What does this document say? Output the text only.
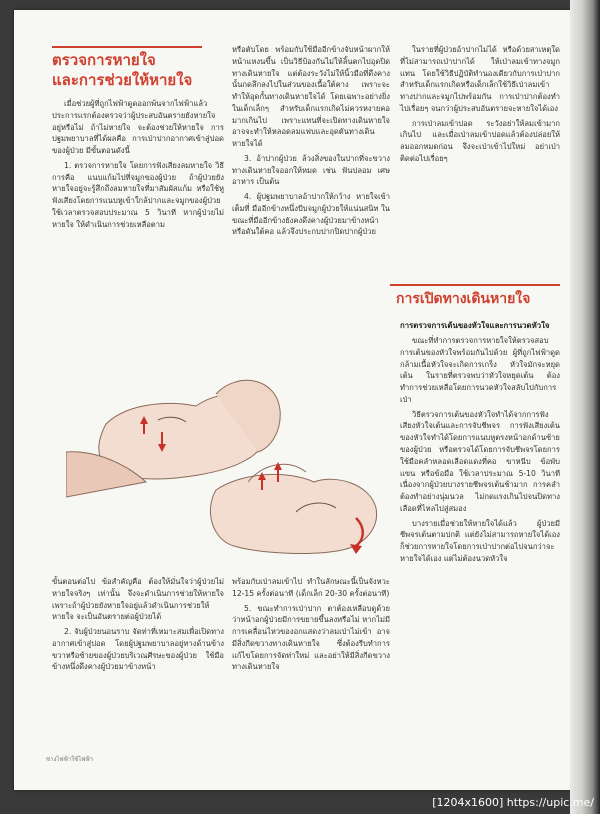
ตรวจการหายใจ
และการช่วยให้หายใจ

เมื่อช่วยผู้ที่ถูกไฟฟ้าดูดออกพ้นจากไฟฟ้าแล้ว ประการแรกต้องตรวจว่าผู้ประสบอันตรายยังหายใจอยู่หรือไม่ ถ้าไม่หายใจ จะต้องช่วยให้หายใจ การปฐมพยาบาลที่ได้ผลคือ การเป่าปากอากาศเข้าสู่ปอดของผู้ป่วย มีขั้นตอนดังนี้

1. ตรวจการหายใจ โดยการฟังเสียงลมหายใจ วิธีการคือ แนบแก้มไปที่จมูกของผู้ป่วย ถ้าผู้ป่วยยังหายใจอยู่จะรู้สึกถึงลมหายใจที่มาสัมผัสแก้ม หรือใช้หูฟังเสียงโดยการแนบหูเข้าใกล้ปากและจมูกของผู้ป่วย ใช้เวลาตรวจสอบประมาณ 5 วินาที หากผู้ป่วยไม่หายใจ ให้ดำเนินการช่วยเหลือตาม

หรือตับโดย พร้อมกับใช้มืออีกข้างจับหน้าผากให้หน้าแหงนขึ้น เป็นวิธีป้องกันไม่ให้ลิ้นตกไปอุดปิดทางเดินหายใจ แต่ต้องระวังไม่ให้นิ้วมือที่ดึงคางนั้นกดลึกลงไปในส่วนของเนื้อใต้คาง เพราะจะทำให้อุดกั้นทางเดินหายใจได้ โดยเฉพาะอย่างยิ่งในเด็กเล็กๆ สำหรับเด็กแรกเกิดไม่ควรหงายคอมากเกินไป เพราะแทนที่จะเปิดทางเดินหายใจ อาจจะทำให้หลอดลมแฟบและอุดตันทางเดินหายใจได้

3. อ้าปากผู้ป่วย ล้วงสิ่งของในปากที่จะขวางทางเดินหายใจออกให้หมด เช่น ฟันปลอม เศษอาหาร เป็นต้น

4. ผู้ปฐมพยาบาลอ้าปากให้กว้าง หายใจเข้าเต็มที่ มืออีกข้างหนึ่งบีบจมูกผู้ป่วยให้แน่นสนิท ในขณะที่มืออีกข้างยังคงดึงคางผู้ป่วยมาข้างหน้าหรือดันใต้คอ แล้วจึงประกบปากปิดปากผู้ป่วย

ในรายที่ผู้ป่วยอ้าปากไม่ได้ หรือด้วยสาเหตุใดที่ไม่สามารถเป่าปากได้ ให้เป่าลมเข้าทางจมูกแทน โดยใช้วิธีปฏิบัติทำนองเดียวกับการเป่าปาก สำหรับเด็กแรกเกิดหรือเด็กเล็กใช้วิธีเป่าลมเข้าทางปากและจมูกไปพร้อมกัน การเป่าปากต้องทำไปเรื่อยๆ จนกว่าผู้ประสบอันตรายจะหายใจได้เอง

การเป่าลมเข้าปอด ระวังอย่าให้ลมเข้ามากเกินไป และเมื่อเป่าลมเข้าปอดแล้วต้องปล่อยให้ลมออกหมดก่อน จึงจะเป่าเข้าไปใหม่ อย่าเป่าติดต่อไปเรื่อยๆ

การเปิดทางเดินหายใจ

การตรวจการเต้นของหัวใจและการนวดหัวใจ

ขณะที่ทำการตรวจการหายใจให้ตรวจสอบการเต้นของหัวใจพร้อมกันไปด้วย ผู้ที่ถูกไฟฟ้าดูด กล้ามเนื้อหัวใจจะเกิดการเกร็ง หัวใจมักจะหยุดเต้น ในรายที่ตรวจพบว่าหัวใจหยุดเต้น ต้องทำการช่วยเหลือโดยการนวดหัวใจสลับไปกับการเป่า

วิธีตรวจการเต้นของหัวใจทำได้จากการฟังเสียงหัวใจเต้นและการจับชีพจร การฟังเสียงเต้นของหัวใจทำได้โดยการแนบหูตรงหน้าอกด้านซ้ายของผู้ป่วย หรือตรวจได้โดยการจับชีพจรโดยการใช้มือคลำหลอดเลือดแดงที่คอ ขาหนีบ ข้อพับ แขน หรือข้อมือ ใช้เวลาประมาณ 5-10 วินาที เนื่องจากผู้ป่วยบางรายชีพจรเต้นช้ามาก การคลำต้องทำอย่างนุ่มนวล ไม่กดแรงเกินไปจนปิดทางเลือดที่ไหลไปสู่สมอง

บางรายเมื่อช่วยให้หายใจได้แล้ว ผู้ป่วยมีชีพจรเต้นตามปกติ แต่ยังไม่สามารถหายใจได้เอง ก็ช่วยการหายใจโดยการเป่าปากต่อไปจนกว่าจะหายใจได้เอง แต่ไม่ต้องนวดหัวใจ

ขั้นตอนต่อไป ข้อสำคัญคือ ต้องให้มั่นใจว่าผู้ป่วยไม่หายใจจริงๆ เท่านั้น จึงจะดำเนินการช่วยให้หายใจ เพราะถ้าผู้ป่วยยังหายใจอยู่แล้วดำเนินการช่วยให้หายใจ จะเป็นอันตรายต่อผู้ป่วยได้

2. จับผู้ป่วยนอนราบ จัดท่าที่เหมาะสมเพื่อเปิดทางอากาศเข้าสู่ปอด โดยผู้ปฐมพยาบาลอยู่ทางด้านข้างขวาหรือซ้ายของผู้ป่วยบริเวณศีรษะของผู้ป่วย ใช้มือข้างหนึ่งดึงคางผู้ป่วยมาข้างหน้า

พร้อมกับเป่าลมเข้าไป ทำในลักษณะนี้เป็นจังหวะ 12-15 ครั้งต่อนาที (เด็กเล็ก 20-30 ครั้งต่อนาที)

5. ขณะทำการเป่าปาก ตาต้องเหลือบดูด้วยว่าหน้าอกผู้ป่วยมีการขยายขึ้นลงหรือไม่ หากไม่มีการเคลื่อนไหวของอกแสดงว่าลมเป่าไม่เข้า อาจมีสิ่งกีดขวางทางเดินหายใจ ซึ่งต้องรีบทำการแก้ไขโดยการจัดท่าใหม่ และอย่าให้มีสิ่งกีดขวางทางเดินหายใจ

ช่างไฟฟ้าใช้ไฟฟ้า
[1204x1600] https://upic.me/
